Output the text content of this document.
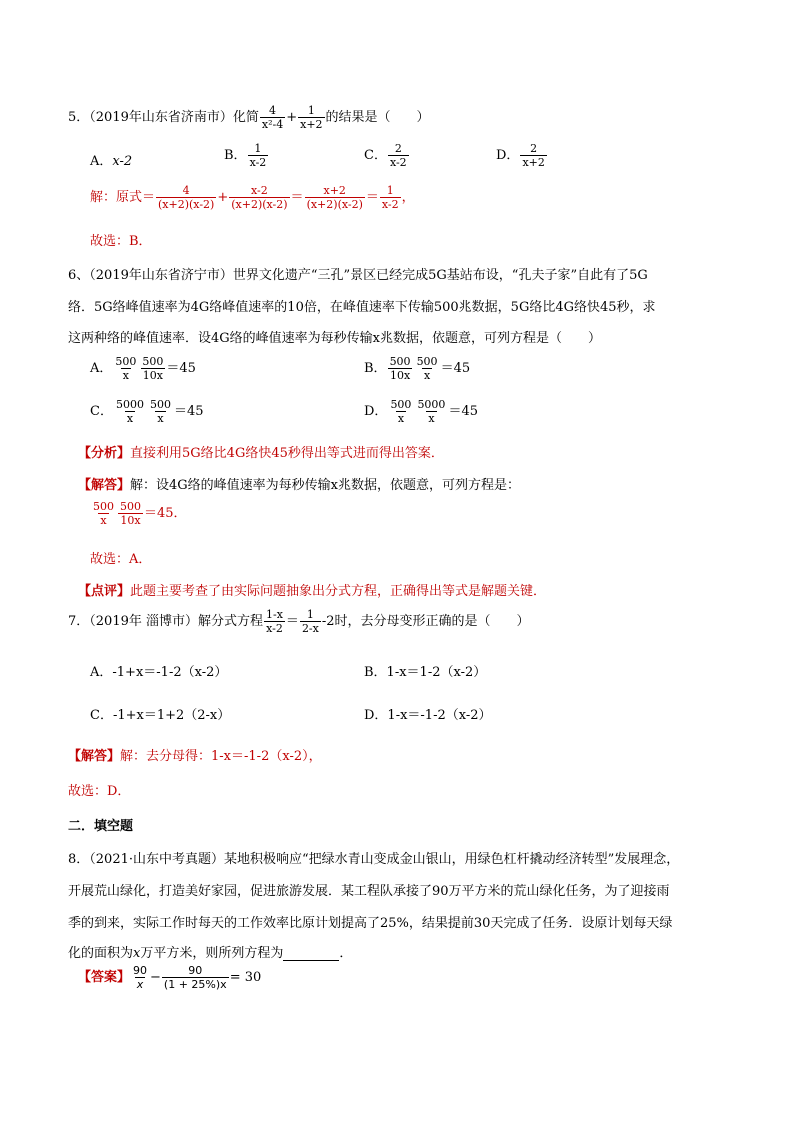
5．（2019年山东省济南市）化简 $\frac{4}{\text{x²-4}} + \frac{1}{x+2}$ 的结果是（　　）
A．x-2	B． $\frac{1}{x-2}$	C． $\frac{2}{x-2}$	D． $\frac{2}{x+2}$
解：原式＝ $\frac{4}{(x+2)(x-2)} + \frac{x-2}{(x+2)(x-2)} = \frac{x+2}{(x+2)(x-2)} = \frac{1}{x-2}$ ，
故选：B．
6、（2019年山东省济宁市）世界文化遗产“三孔”景区已经完成5G基站布设，“孔夫子家”自此有了5G
络．5G络峰值速率为4G络峰值速率的10倍，在峰值速率下传输500兆数据，5G络比4G络快45秒，求
这两种络的峰值速率．设4G络的峰值速率为每秒传输x兆数据，依题意，可列方程是（　　）
A． $\frac{500}{x} \frac{500}{10x} =45$	B． $\frac{500}{10x} \frac{500}{x} =45$
C． $\frac{5000}{x} \frac{500}{x} =45$	D． $\frac{500}{x} \frac{5000}{x} =45$
【分析】直接利用5G络比4G络快45秒得出等式进而得出答案．
【解答】解：设4G络的峰值速率为每秒传输x兆数据，依题意，可列方程是：
$\frac{500}{x} \frac{500}{10x} =45$．
故选：A．
【点评】此题主要考查了由实际问题抽象出分式方程，正确得出等式是解题关键．
7．（2019年 淄博市）解分式方程 $\frac{1-x}{x-2} = \frac{1}{2-x} -2$时，去分母变形正确的是（　　）
A．-1+x＝-1-2（x-2）	B．1-x＝1-2（x-2）
C．-1+x＝1+2（2-x）	D．1-x＝-1-2（x-2）
【解答】解：去分母得：1-x＝-1-2（x-2），
故选：D．
二．填空题
8．（2021·山东中考真题）某地积极响应“把绿水青山变成金山银山，用绿色杠杆撬动经济转型”发展理念，
开展荒山绿化，打造美好家园，促进旅游发展．某工程队承接了90万平方米的荒山绿化任务，为了迎接雨
季的到来，实际工作时每天的工作效率比原计划提高了25%，结果提前30天完成了任务．设原计划每天绿
化的面积为x万平方米，则所列方程为	．
【答案】 $\frac{90}{x} - \frac{90}{(1 + 25\%)x} = 30$
